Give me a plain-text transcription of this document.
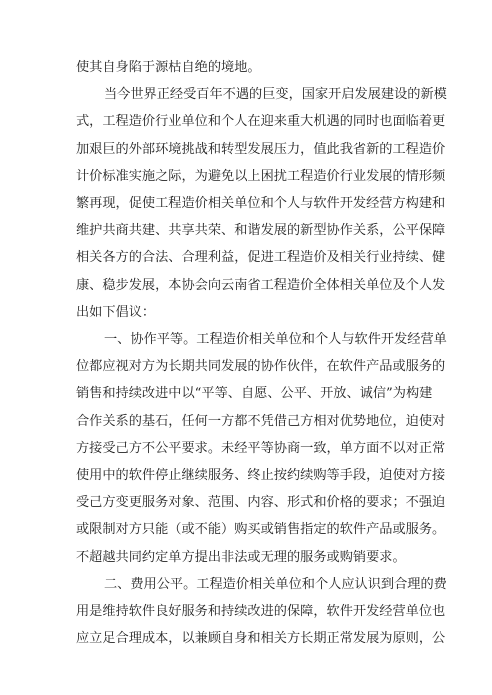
使其自身陷于源枯自绝的境地。

当今世界正经受百年不遇的巨变，国家开启发展建设的新模
式，工程造价行业单位和个人在迎来重大机遇的同时也面临着更
加艰巨的外部环境挑战和转型发展压力，值此我省新的工程造价
计价标准实施之际，为避免以上困扰工程造价行业发展的情形频
繁再现，促使工程造价相关单位和个人与软件开发经营方构建和
维护共商共建、共享共荣、和谐发展的新型协作关系，公平保障
相关各方的合法、合理利益，促进工程造价及相关行业持续、健
康、稳步发展，本协会向云南省工程造价全体相关单位及个人发
出如下倡议：

一、协作平等。工程造价相关单位和个人与软件开发经营单
位都应视对方为长期共同发展的协作伙伴，在软件产品或服务的
销售和持续改进中以“平等、自愿、公平、开放、诚信”为构建
合作关系的基石，任何一方都不凭借己方相对优势地位，迫使对
方接受己方不公平要求。未经平等协商一致，单方面不以对正常
使用中的软件停止继续服务、终止按约续购等手段，迫使对方接
受己方变更服务对象、范围、内容、形式和价格的要求；不强迫
或限制对方只能（或不能）购买或销售指定的软件产品或服务。
不超越共同约定单方提出非法或无理的服务或购销要求。

二、费用公平。工程造价相关单位和个人应认识到合理的费
用是维持软件良好服务和持续改进的保障，软件开发经营单位也
应立足合理成本，以兼顾自身和相关方长期正常发展为原则，公
